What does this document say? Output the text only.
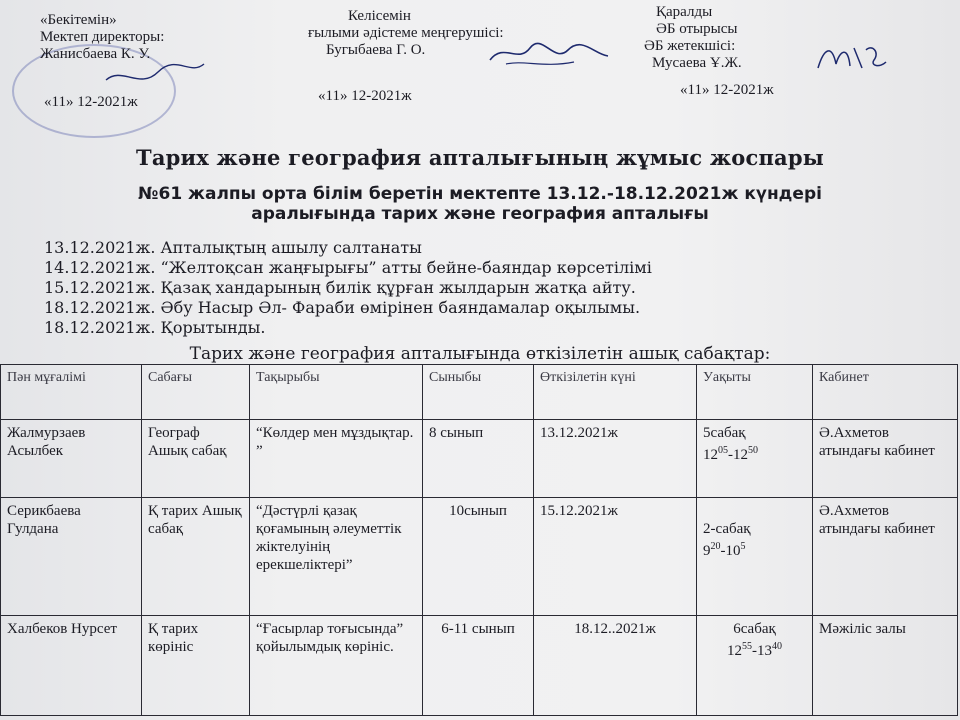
«Бекітемін»
Мектеп директоры:
Жанисбаева К. У.
«11» 12-2021ж
Келісемін
ғылыми әдістеме меңгерушісі:
Бугыбаева Г. О.
«11» 12-2021ж
Қаралды
ӘБ отырысы
ӘБ жетекшісі:
Мусаева Ұ.Ж.
«11» 12-2021ж
Тарих және география апталығының жұмыс жоспары
№61 жалпы орта білім беретін мектепте 13.12.-18.12.2021ж күндері
аралығында тарих және география апталығы
13.12.2021ж. Апталықтың ашылу салтанаты
14.12.2021ж. “Желтоқсан жаңғырығы” атты бейне-баяндар көрсетілімі
15.12.2021ж. Қазақ хандарының билік құрған жылдарын жатқа айту.
18.12.2021ж. Әбу Насыр Әл- Фараби өмірінен баяндамалар оқылымы.
18.12.2021ж. Қорытынды.
Тарих және география апталығында өткізілетін ашық сабақтар:
Пән мұғалімі	Сабағы	Тақырыбы	Сыныбы	Өткізілетін күні	Уақыты	Кабинет
Жалмурзаев Асылбек	Географ Ашық сабақ	“Көлдер мен мұздықтар. ”	8 сынып	13.12.2021ж	5сабақ
$12^{05}-12^{50}$	Ә.Ахметов атындағы кабинет
Серикбаева Гулдана	Қ тарих Ашық сабақ	“Дәстүрлі қазақ қоғамының әлеуметтік жіктелуінің ерекшеліктері”	10сынып	15.12.2021ж	2-сабақ
$9^{20}-10^5$	Ә.Ахметов атындағы кабинет
Халбеков Нурсет	Қ тарих көрініс	“Ғасырлар тоғысында” қойылымдық көрініс.	6-11 сынып	18.12..2021ж	6сабақ
$12^{55}-13^{40}$	Мәжіліс залы
